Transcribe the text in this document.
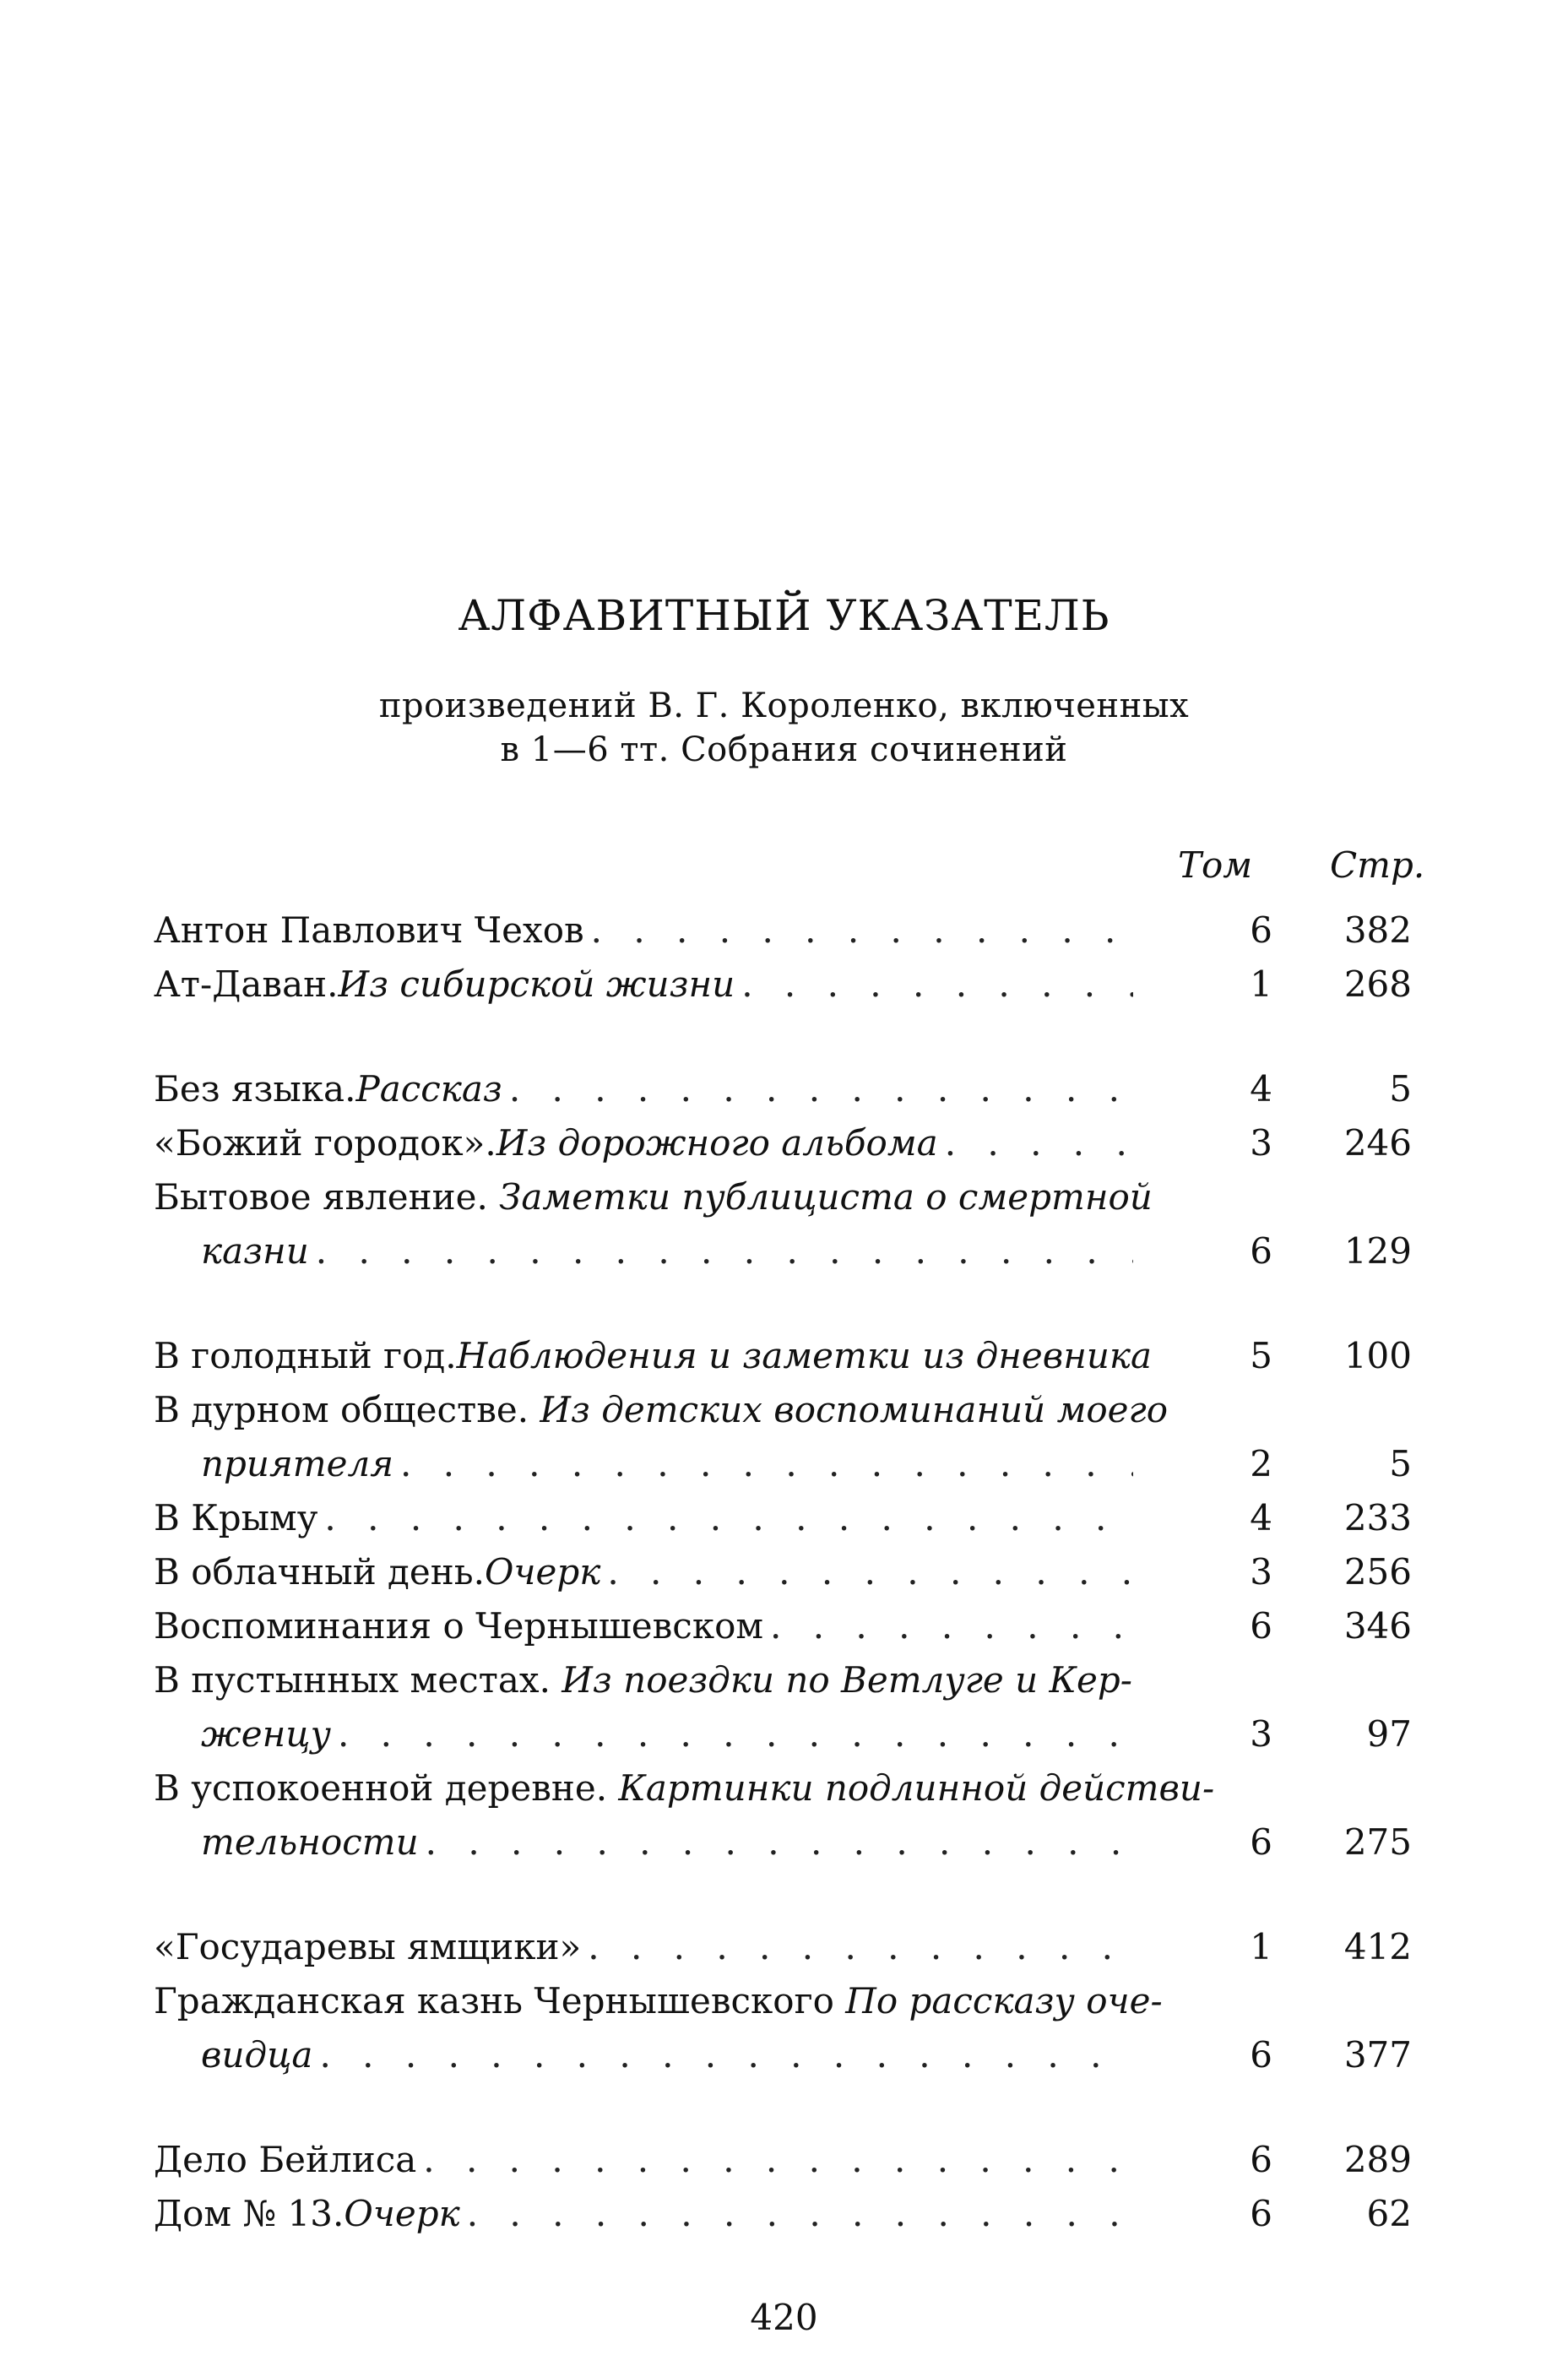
АЛФАВИТНЫЙ УКАЗАТЕЛЬ
произведений В. Г. Короленко, включенных
в 1—6 тт. Собрания сочинений
Том Стр.
Антон Павлович Чехов . . .	6	382
Ат-Даван. Из сибирской жизни . . .	1	268
Без языка. Рассказ . . .	4	5
«Божий городок». Из дорожного альбома . . .	3	246
Бытовое явление. Заметки публициста о смертной
казни . . .	6	129
В голодный год. Наблюдения и заметки из дневника	5	100
В дурном обществе. Из детских воспоминаний моего
приятеля . . .	2	5
В Крыму . . .	4	233
В облачный день. Очерк . . .	3	256
Воспоминания о Чернышевском . . .	6	346
В пустынных местах. Из поездки по Ветлуге и Кер-
женцу . . .	3	97
В успокоенной деревне. Картинки подлинной действи-
тельности . . .	6	275
«Государевы ямщики» . . .	1	412
Гражданская казнь Чернышевского По рассказу оче-
видца . . .	6	377
Дело Бейлиса . . .	6	289
Дом № 13. Очерк . . .	6	62
420
